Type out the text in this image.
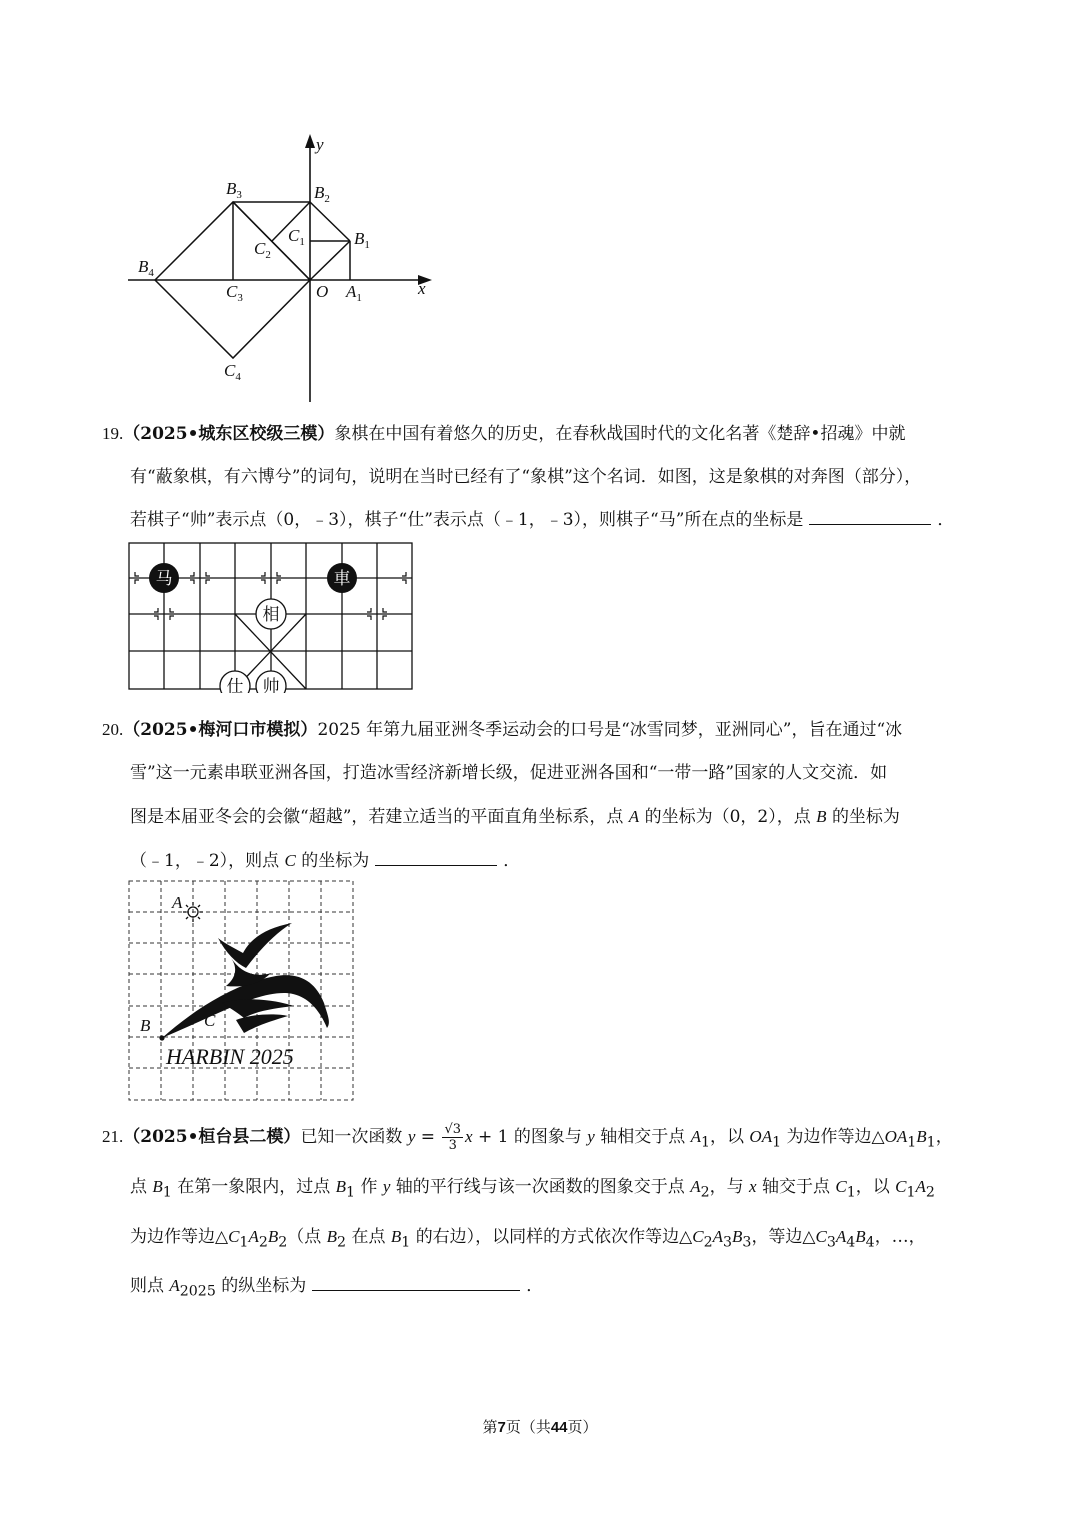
y
x
O
$B_1$
$B_2$
$B_3$
$B_4$
$C_1$
$C_2$
$C_3$
$C_4$
$A_1$

19.（2025•城东区校级三模）象棋在中国有着悠久的历史，在春秋战国时代的文化名著《楚辞•招魂》中就

有“蔽象棋，有六博兮”的词句，说明在当时已经有了“象棋”这个名词．如图，这是象棋的对奔图（部分），

若棋子“帅”表示点（0，﹣3），棋子“仕”表示点（﹣1，﹣3），则棋子“马”所在点的坐标是	．

马	車
相
仕 帅

20.（2025•梅河口市模拟）2025 年第九届亚洲冬季运动会的口号是“冰雪同梦，亚洲同心”，旨在通过“冰

雪”这一元素串联亚洲各国，打造冰雪经济新增长级，促进亚洲各国和“一带一路”国家的人文交流．如

图是本届亚冬会的会徽“超越”，若建立适当的平面直角坐标系，点 A 的坐标为（0，2），点 B 的坐标为

（﹣1，﹣2），则点 C 的坐标为	．

A
B	C
HARBIN 2025

21.（2025•桓台县二模）已知一次函数 $y = \frac{√3}{3}$ x + 1 的图象与 y 轴相交于点 $A_1$，以 $OA_1$ 为边作等边$\triangle OA_1B_1$，

点 $B_1$ 在第一象限内，过点 $B_1$ 作 y 轴的平行线与该一次函数的图象交于点 $A_2$，与 x 轴交于点 $C_1$，以 $C_1A_2$

为边作等边$\triangle C_1A_2B_2$（点 $B_2$ 在点 $B_1$ 的右边），以同样的方式依次作等边$\triangle C_2A_3B_3$，等边$\triangle C_3A_4B_4$，…，

则点 $A_{2025}$ 的纵坐标为	．

第7页（共44页）
